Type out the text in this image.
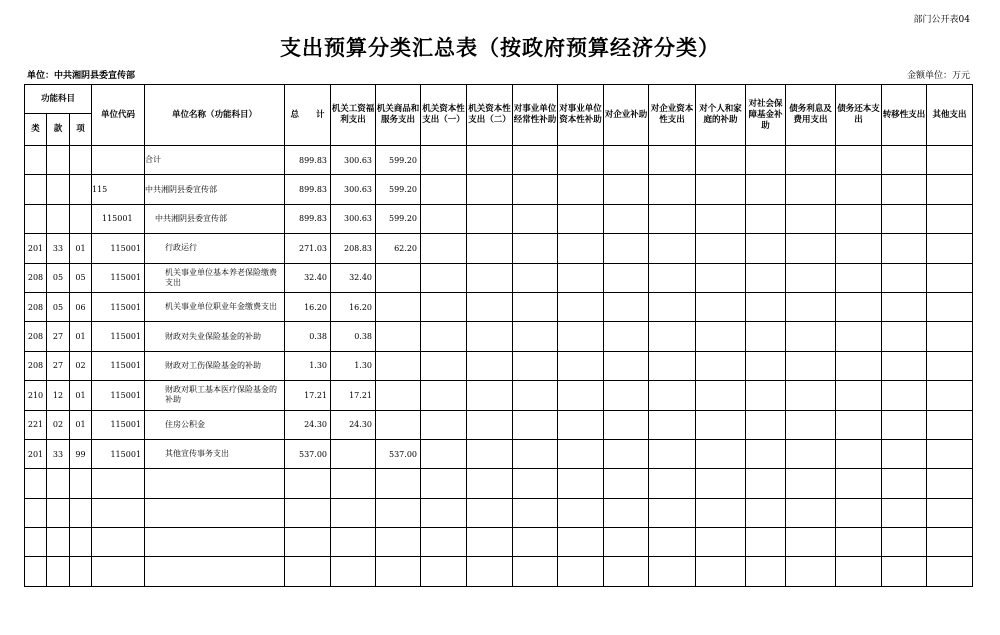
部门公开表04
支出预算分类汇总表（按政府预算经济分类）
单位：中共湘阴县委宣传部	金额单位：万元
功能科目			单位代码	单位名称（功能科目）	总　　计	机关工资福利支出	机关商品和服务支出	机关资本性支出（一）	机关资本性支出（二）	对事业单位经常性补助	对事业单位资本性补助	对企业补助	对企业资本性支出	对个人和家庭的补助	对社会保障基金补助	债务利息及费用支出	债务还本支出	转移性支出	其他支出
类	款	项																	
				合计	899.83	300.63	599.20												
			115	中共湘阴县委宣传部	899.83	300.63	599.20												
			115001	中共湘阴县委宣传部	899.83	300.63	599.20												
201	33	01	115001	行政运行	271.03	208.83	62.20												
208	05	05	115001	机关事业单位基本养老保险缴费支出	32.40	32.40													
208	05	06	115001	机关事业单位职业年金缴费支出	16.20	16.20													
208	27	01	115001	财政对失业保险基金的补助	0.38	0.38													
208	27	02	115001	财政对工伤保险基金的补助	1.30	1.30													
210	12	01	115001	财政对职工基本医疗保险基金的补助	17.21	17.21													
221	02	01	115001	住房公积金	24.30	24.30													
201	33	99	115001	其他宣传事务支出	537.00		537.00												
